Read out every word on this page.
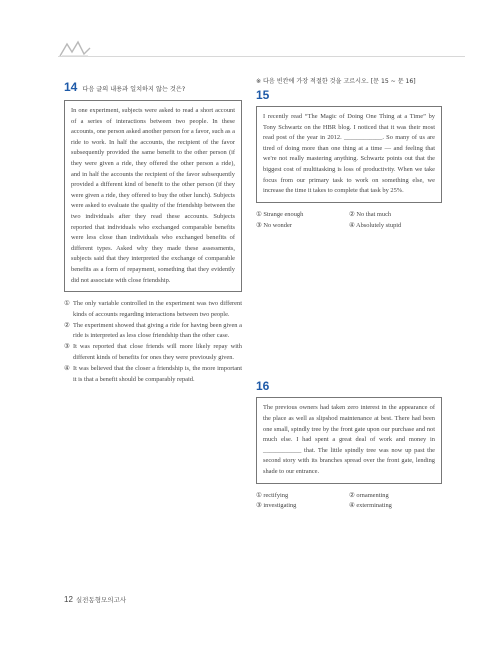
14 다음 글의 내용과 일치하지 않는 것은?
In one experiment, subjects were asked to read a short account of a series of interactions between two people. In these accounts, one person asked another person for a favor, such as a ride to work. In half the accounts, the recipient of the favor subsequently provided the same benefit to the other person (if they were given a ride, they offered the other person a ride), and in half the accounts the recipient of the favor subsequently provided a different kind of benefit to the other person (if they were given a ride, they offered to buy the other lunch). Subjects were asked to evaluate the quality of the friendship between the two individuals after they read these accounts. Subjects reported that individuals who exchanged comparable benefits were less close than individuals who exchanged benefits of different types. Asked why they made these assessments, subjects said that they interpreted the exchange of comparable benefits as a form of repayment, something that they evidently did not associate with close friendship.
① The only variable controlled in the experiment was two different kinds of accounts regarding interactions between two people.
② The experiment showed that giving a ride for having been given a ride is interpreted as less close friendship than the other case.
③ It was reported that close friends will more likely repay with different kinds of benefits for ones they were previously given.
④ It was believed that the closer a friendship is, the more important it is that a benefit should be comparably repaid.
※ 다음 빈칸에 가장 적절한 것을 고르시오. [문 15 ~ 문 16]
15
I recently read “The Magic of Doing One Thing at a Time” by Tony Schwartz on the HBR blog. I noticed that it was their most read post of the year in 2012. ____________. So many of us are tired of doing more than one thing at a time — and feeling that we're not really mastering anything. Schwartz points out that the biggest cost of multitasking is loss of productivity. When we take focus from our primary task to work on something else, we increase the time it takes to complete that task by 25%.
① Strange enough	② No that much
③ No wonder	④ Absolutely stupid
16
The previous owners had taken zero interest in the appearance of the place as well as slipshod maintenance at best. There had been one small, spindly tree by the front gate upon our purchase and not much else. I had spent a great deal of work and money in ____________ that. The little spindly tree was now up past the second story with its branches spread over the front gate, lending shade to our entrance.
① rectifying	② ornamenting
③ investigating	④ exterminating
12 실전동형모의고사
